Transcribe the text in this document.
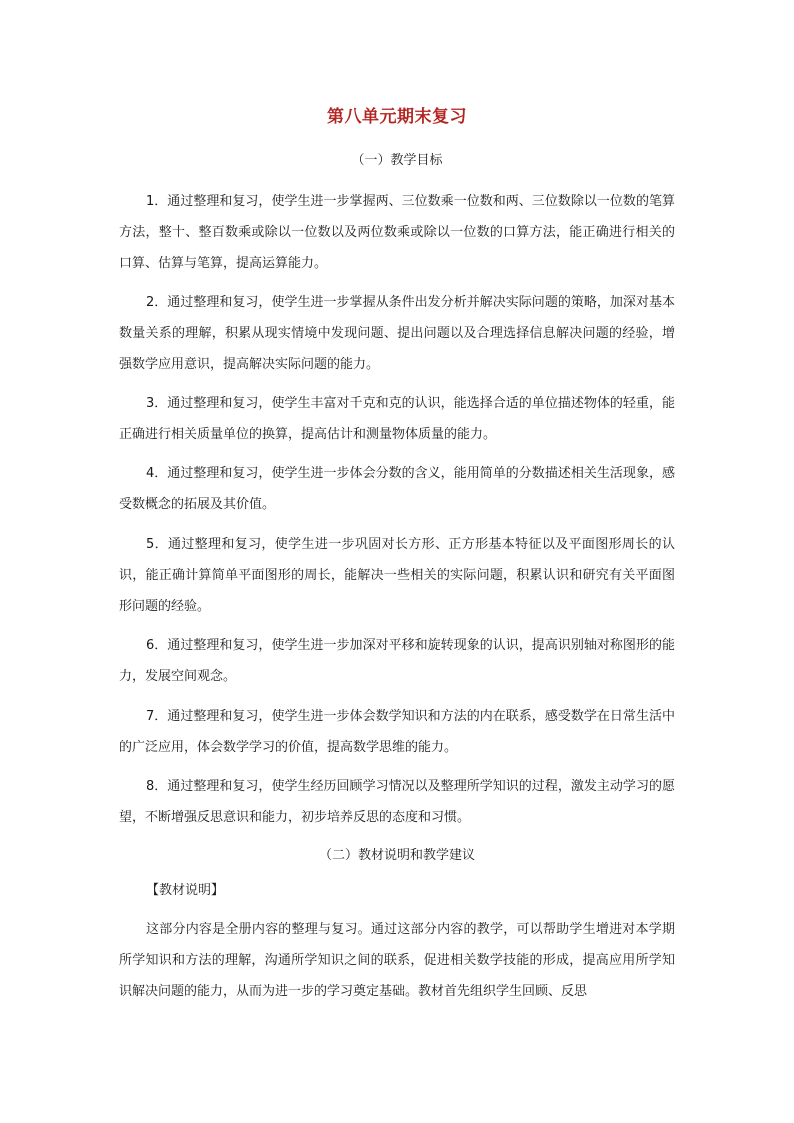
第八单元期末复习
（一）教学目标

1．通过整理和复习，使学生进一步掌握两、三位数乘一位数和两、三位数除以一位数的笔算方法，整十、整百数乘或除以一位数以及两位数乘或除以一位数的口算方法，能正确进行相关的口算、估算与笔算，提高运算能力。

2．通过整理和复习，使学生进一步掌握从条件出发分析并解决实际问题的策略，加深对基本数量关系的理解，积累从现实情境中发现问题、提出问题以及合理选择信息解决问题的经验，增强数学应用意识，提高解决实际问题的能力。

3．通过整理和复习，使学生丰富对千克和克的认识，能选择合适的单位描述物体的轻重，能正确进行相关质量单位的换算，提高估计和测量物体质量的能力。

4．通过整理和复习，使学生进一步体会分数的含义，能用简单的分数描述相关生活现象，感受数概念的拓展及其价值。

5．通过整理和复习，使学生进一步巩固对长方形、正方形基本特征以及平面图形周长的认识，能正确计算简单平面图形的周长，能解决一些相关的实际问题，积累认识和研究有关平面图形问题的经验。

6．通过整理和复习，使学生进一步加深对平移和旋转现象的认识，提高识别轴对称图形的能力，发展空间观念。

7．通过整理和复习，使学生进一步体会数学知识和方法的内在联系，感受数学在日常生活中的广泛应用，体会数学学习的价值，提高数学思维的能力。

8．通过整理和复习，使学生经历回顾学习情况以及整理所学知识的过程，激发主动学习的愿望，不断增强反思意识和能力，初步培养反思的态度和习惯。

（二）教材说明和教学建议
【教材说明】

这部分内容是全册内容的整理与复习。通过这部分内容的教学，可以帮助学生增进对本学期所学知识和方法的理解，沟通所学知识之间的联系，促进相关数学技能的形成，提高应用所学知识解决问题的能力，从而为进一步的学习奠定基础。教材首先组织学生回顾、反思
